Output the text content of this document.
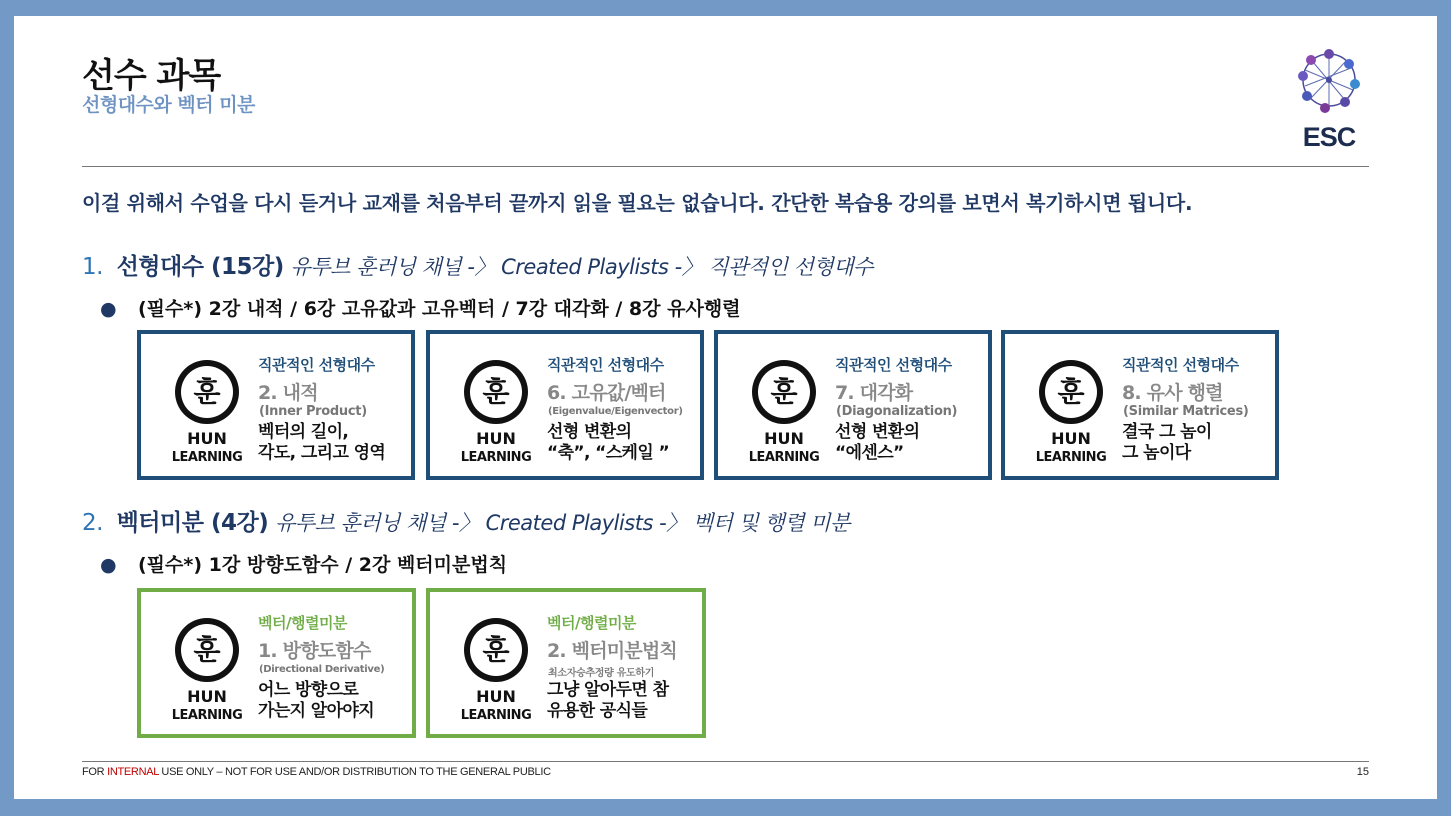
선수 과목
선형대수와 벡터 미분
ESC
이걸 위해서 수업을 다시 듣거나 교재를 처음부터 끝까지 읽을 필요는 없습니다. 간단한 복습용 강의를 보면서 복기하시면 됩니다.
1. 선형대수 (15강) 유투브 훈러닝 채널 -〉 Created Playlists -〉 직관적인 선형대수
● (필수*) 2강 내적 / 6강 고유값과 고유벡터 / 7강 대각화 / 8강 유사행렬
훈
HUN
LEARNING
직관적인 선형대수
2. 내적
(Inner Product)
벡터의 길이,
각도, 그리고 영역
훈
HUN
LEARNING
직관적인 선형대수
6. 고유값/벡터
(Eigenvalue/Eigenvector)
선형 변환의
“축”, “스케일 ”
훈
HUN
LEARNING
직관적인 선형대수
7. 대각화
(Diagonalization)
선형 변환의
“에센스”
훈
HUN
LEARNING
직관적인 선형대수
8. 유사 행렬
(Similar Matrices)
결국 그 놈이
그 놈이다
2. 벡터미분 (4강) 유투브 훈러닝 채널 -〉 Created Playlists -〉 벡터 및 행렬 미분
● (필수*) 1강 방향도함수 / 2강 벡터미분법칙
훈
HUN
LEARNING
벡터/행렬미분
1. 방향도함수
(Directional Derivative)
어느 방향으로
가는지 알아야지
훈
HUN
LEARNING
벡터/행렬미분
2. 벡터미분법칙
최소자승추정량 유도하기
그냥 알아두면 참
유용한 공식들
FOR INTERNAL USE ONLY – NOT FOR USE AND/OR DISTRIBUTION TO THE GENERAL PUBLIC	15
